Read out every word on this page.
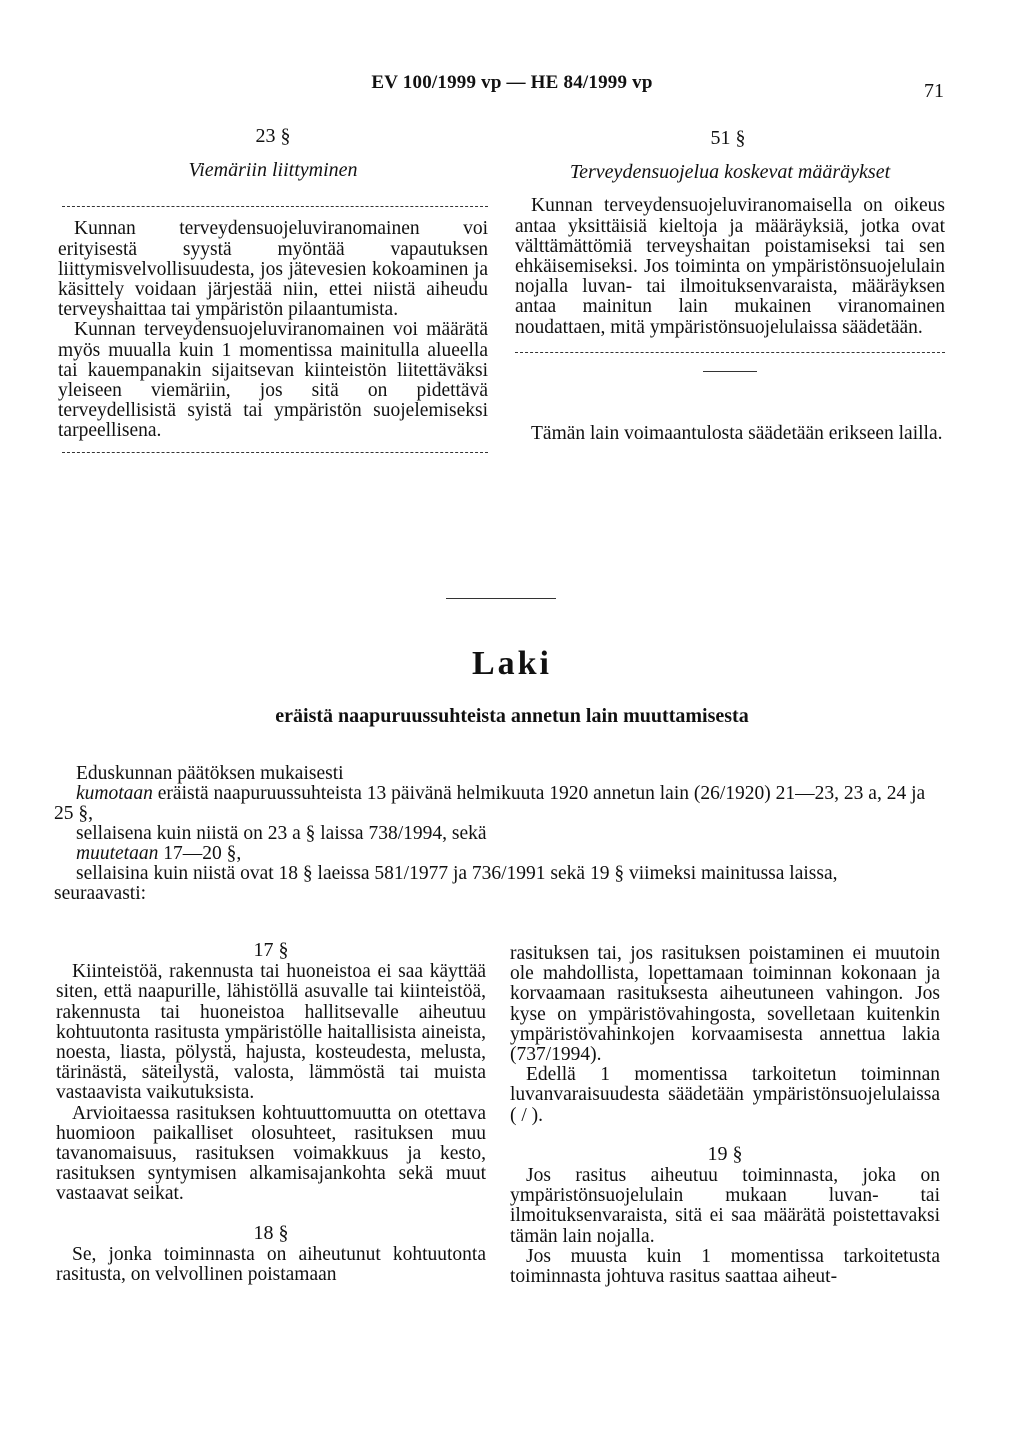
EV 100/1999 vp — HE 84/1999 vp	71
23 §
Viemäriin liittyminen

Kunnan terveydensuojeluviranomainen voi erityisestä syystä myöntää vapautuksen liittymisvelvollisuudesta, jos jätevesien kokoaminen ja käsittely voidaan järjestää niin, ettei niistä aiheudu terveyshaittaa tai ympäristön pilaantumista.

Kunnan terveydensuojeluviranomainen voi määrätä myös muualla kuin 1 momentissa mainitulla alueella tai kauempanakin sijaitsevan kiinteistön liitettäväksi yleiseen viemäriin, jos sitä on pidettävä terveydellisistä syistä tai ympäristön suojelemiseksi tarpeellisena.

51 §
Terveydensuojelua koskevat määräykset

Kunnan terveydensuojeluviranomaisella on oikeus antaa yksittäisiä kieltoja ja määräyksiä, jotka ovat välttämättömiä terveyshaitan poistamiseksi tai sen ehkäisemiseksi. Jos toiminta on ympäristönsuojelulain nojalla luvan- tai ilmoituksenvaraista, määräyksen antaa mainitun lain mukainen viranomainen noudattaen, mitä ympäristönsuojelulaissa säädetään.

Tämän lain voimaantulosta säädetään erikseen lailla.

Laki
eräistä naapuruussuhteista annetun lain muuttamisesta

Eduskunnan päätöksen mukaisesti

kumotaan eräistä naapuruussuhteista 13 päivänä helmikuuta 1920 annetun lain (26/1920) 21—23, 23 a, 24 ja 25 §,

sellaisena kuin niistä on 23 a § laissa 738/1994, sekä

muutetaan 17—20 §,

sellaisina kuin niistä ovat 18 § laeissa 581/1977 ja 736/1991 sekä 19 § viimeksi mainitussa laissa, seuraavasti:

17 §

Kiinteistöä, rakennusta tai huoneistoa ei saa käyttää siten, että naapurille, lähistöllä asuvalle tai kiinteistöä, rakennusta tai huoneistoa hallitsevalle aiheutuu kohtuutonta rasitusta ympäristölle haitallisista aineista, noesta, liasta, pölystä, hajusta, kosteudesta, melusta, tärinästä, säteilystä, valosta, lämmöstä tai muista vastaavista vaikutuksista.

Arvioitaessa rasituksen kohtuuttomuutta on otettava huomioon paikalliset olosuhteet, rasituksen muu tavanomaisuus, rasituksen voimakkuus ja kesto, rasituksen syntymisen alkamisajankohta sekä muut vastaavat seikat.

18 §

Se, jonka toiminnasta on aiheutunut kohtuutonta rasitusta, on velvollinen poistamaan

rasituksen tai, jos rasituksen poistaminen ei muutoin ole mahdollista, lopettamaan toiminnan kokonaan ja korvaamaan rasituksesta aiheutuneen vahingon. Jos kyse on ympäristövahingosta, sovelletaan kuitenkin ympäristövahinkojen korvaamisesta annettua lakia (737/1994).

Edellä 1 momentissa tarkoitetun toiminnan luvanvaraisuudesta säädetään ympäristönsuojelulaissa ( / ).

19 §

Jos rasitus aiheutuu toiminnasta, joka on ympäristönsuojelulain mukaan luvan- tai ilmoituksenvaraista, sitä ei saa määrätä poistettavaksi tämän lain nojalla.

Jos muusta kuin 1 momentissa tarkoitetusta toiminnasta johtuva rasitus saattaa aiheut-
